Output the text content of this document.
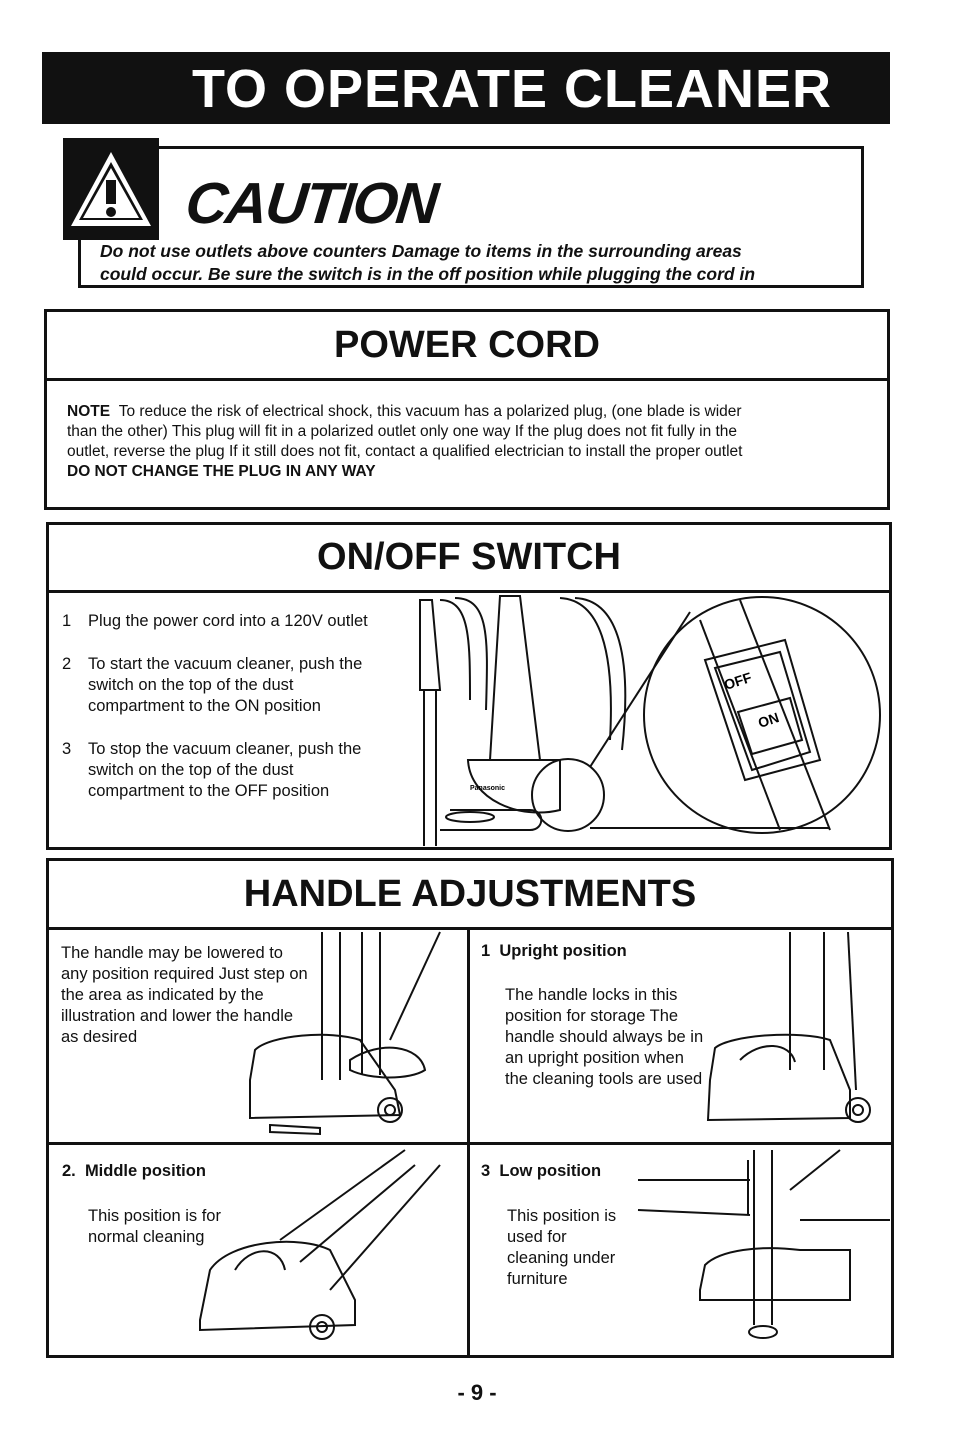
TO OPERATE CLEANER
CAUTION
Do not use outlets above counters Damage to items in the surrounding areas
could occur. Be sure the switch is in the off position while plugging the cord in
POWER CORD
NOTE To reduce the risk of electrical shock, this vacuum has a polarized plug, (one blade is wider
than the other) This plug will fit in a polarized outlet only one way If the plug does not fit fully in the
outlet, reverse the plug If it still does not fit, contact a qualified electrician to install the proper outlet
DO NOT CHANGE THE PLUG IN ANY WAY
ON/OFF SWITCH
1 Plug the power cord into a 120V outlet
2 To start the vacuum cleaner, push the switch on the top of the dust compartment to the ON position
3 To stop the vacuum cleaner, push the switch on the top of the dust compartment to the OFF position
OFF
ON
Panasonic
HANDLE ADJUSTMENTS
The handle may be lowered to any position required Just step on the area as indicated by the illustration and lower the handle as desired
1 Upright position
The handle locks in this position for storage The handle should always be in an upright position when the cleaning tools are used
2. Middle position
This position is for normal cleaning
3 Low position
This position is used for cleaning under furniture
- 9 -
